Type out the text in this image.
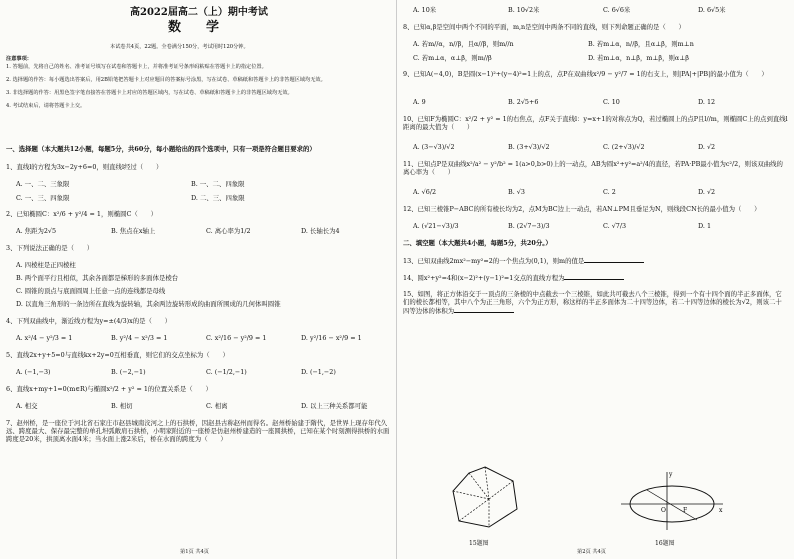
高2022届高二（上）期中考试
数　学
本试卷共4页，22题。全卷满分150分，考试用时120分钟。
注意事项：
1. 答题前，先将自己的姓名、准考证号填写在试卷和答题卡上，并将准考证号条形码粘贴在答题卡上的指定位置。
2. 选择题的作答：每小题选出答案后，用2B铅笔把答题卡上对应题目的答案标号涂黑，写在试卷、草稿纸和答题卡上的非答题区域均无效。
3. 非选择题的作答：用黑色签字笔直接答在答题卡上对应的答题区域内，写在试卷、草稿纸和答题卡上的非答题区域均无效。
4. 考试结束后，请将答题卡上交。
一、选择题（本大题共12小题，每题5分，共60分，每小题给出的四个选项中，只有一项是符合题目要求的）
1、直线l的方程为3x−2y+6=0，则直线l经过（　　）
A. 一、二、三象限	B. 一、二、四象限
C. 一、三、四象限	D. 二、三、四象限
2、已知椭圆C：x²/6 + y²/4 = 1，则椭圆C（　　）
A. 焦距为2√5	B. 焦点在x轴上	C. 离心率为1/2	D. 长轴长为4
3、下列说法正确的是（　　）
A. 四棱柱是正四棱柱
B. 两个面平行且相似，其余各面都是梯形的多面体是棱台
C. 圆锥的顶点与底面圆周上任意一点的连线都是母线
D. 以直角三角形的一条边所在直线为旋转轴，其余两边旋转形成的曲面所围成的几何体叫圆锥
4、下列双曲线中，渐近线方程为y=±(4/3)x的是（　　）
A. x²/4 − y²/3 = 1	B. y²/4 − x²/3 = 1	C. x²/16 − y²/9 = 1	D. y²/16 − x²/9 = 1
5、直线2x+y+5=0与直线kx+2y=0互相垂直，则它们的交点坐标为（　　）
A. (−1,−3)	B. (−2,−1)	C. (−1/2,−1)	D. (−1,−2)
6、直线x+my+1=0(m∈R)与椭圆x²/2 + y² = 1的位置关系是（　　）
A. 相交	B. 相切	C. 相离	D. 以上三种关系都可能
7、赵州桥，是一座位于河北省石家庄市赵县城南洨河之上的石拱桥，因赵县古称赵州而得名。赵州桥始建于隋代，是世界上现存年代久远、跨度最大、保存最完整的单孔坦弧敞肩石拱桥，小明家附近的一座桥是仿赵州桥建造的一座圆拱桥，已知在某个时刻测得拱桥的水面跨度是20米，拱顶离水面4米；当水面上涨2米后，桥在水面的跨度为（　　）
第1页 共4页
A. 10米	B. 10√2米	C. 6√6米	D. 6√5米
8、已知α,β是空间中两个不同的平面，m,n是空间中两条不同的直线，则下列命题正确的是（　　）
A. 若m//α，n//β，且α//β，则m//n	B. 若m⊥α，n//β，且α⊥β，则m⊥n
C. 若m⊥α，α⊥β，则m//β	D. 若m⊥α，n⊥β，m⊥β，则α⊥β
9、已知A(−4,0)，B是圆(x−1)²+(y−4)²=1上的点，点P在双曲线x²/9 − y²/7 = 1的右支上，则|PA|+|PB|的最小值为（　　）
A. 9	B. 2√5+6	C. 10	D. 12
10、已知F为椭圆C：x²/2 + y² = 1的右焦点，点F关于直线l：y=x+1的对称点为Q，若过椭圆上的点P且l//m，则椭圆C上的点到直线l距离的最大值为（　　）
A. (3−√3)/√2	B. (3+√3)/√2	C. (2+√3)/√2	D. √2
11、已知点P是双曲线x²/a² − y²/b² = 1(a>0,b>0)上的一动点，AB为圆x²+y²=a²/4的直径，若PA·PB最小值为c²/2，则该双曲线的离心率为（　　）
A. √6/2	B. √3	C. 2	D. √2
12、已知三棱锥P−ABC的所有棱长均为2，点M为BC边上一动点，若AN⊥PM且垂足为N，则线段CN长的最小值为（　　）
A. (√21−√3)/3	B. (2√7−3)/3	C. √7/3	D. 1
二、填空题（本大题共4小题，每题5分，共20分。）
13、已知双曲线2mx²−my²=2的一个焦点为(0,1)，则m的值是
14、圆x²+y²=4和(x−2)²+(y−1)²=1交点的直线方程为
15、如图，将正方体沿交于一顶点的三条棱的中点截去一个三棱锥，如此共可截去八个三棱锥，得到一个有十四个面的半正多面体，它们的棱长都相等，其中八个为正三角形，六个为正方形，称这样的半正多面体为二十四等边体，若二十四等边体的棱长为√2，则该二十四等边体的体积为
15题图
y
O	x
F
16题图
第2页 共4页
